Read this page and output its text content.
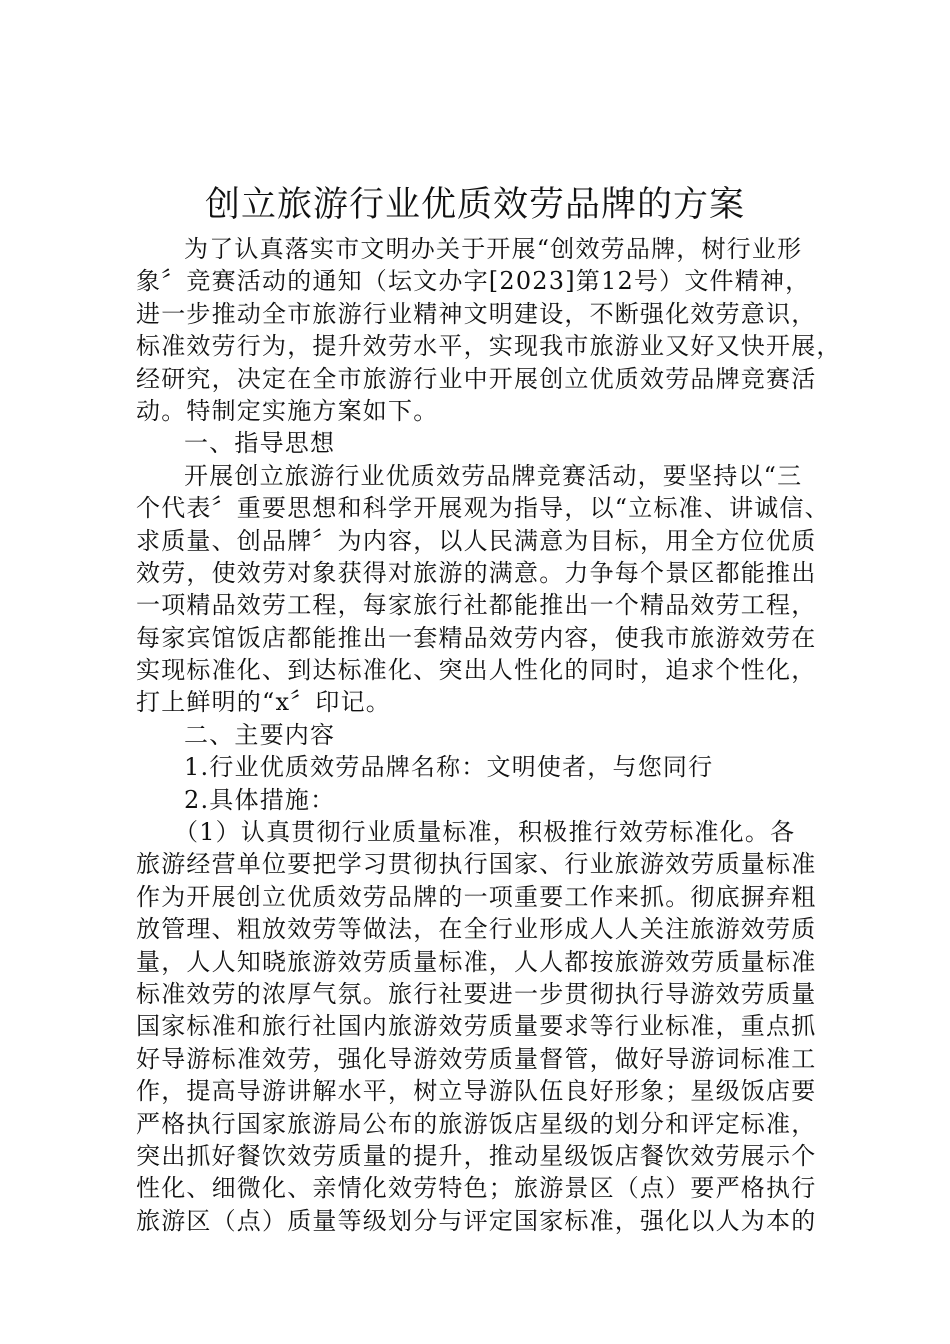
创立旅游行业优质效劳品牌的方案
为了认真落实市文明办关于开展“创效劳品牌，树行业形
象〞竞赛活动的通知（坛文办字[2023]第12号）文件精神，
进一步推动全市旅游行业精神文明建设，不断强化效劳意识，
标准效劳行为，提升效劳水平，实现我市旅游业又好又快开展，
经研究，决定在全市旅游行业中开展创立优质效劳品牌竞赛活
动。特制定实施方案如下。
一、指导思想
开展创立旅游行业优质效劳品牌竞赛活动，要坚持以“三
个代表〞重要思想和科学开展观为指导，以“立标准、讲诚信、
求质量、创品牌〞为内容，以人民满意为目标，用全方位优质
效劳，使效劳对象获得对旅游的满意。力争每个景区都能推出
一项精品效劳工程，每家旅行社都能推出一个精品效劳工程，
每家宾馆饭店都能推出一套精品效劳内容，使我市旅游效劳在
实现标准化、到达标准化、突出人性化的同时，追求个性化，
打上鲜明的“x〞印记。
二、主要内容
1.行业优质效劳品牌名称：文明使者，与您同行
2.具体措施：
（1）认真贯彻行业质量标准，积极推行效劳标准化。各
旅游经营单位要把学习贯彻执行国家、行业旅游效劳质量标准
作为开展创立优质效劳品牌的一项重要工作来抓。彻底摒弃粗
放管理、粗放效劳等做法，在全行业形成人人关注旅游效劳质
量，人人知晓旅游效劳质量标准，人人都按旅游效劳质量标准
标准效劳的浓厚气氛。旅行社要进一步贯彻执行导游效劳质量
国家标准和旅行社国内旅游效劳质量要求等行业标准，重点抓
好导游标准效劳，强化导游效劳质量督管，做好导游词标准工
作，提高导游讲解水平，树立导游队伍良好形象；星级饭店要
严格执行国家旅游局公布的旅游饭店星级的划分和评定标准，
突出抓好餐饮效劳质量的提升，推动星级饭店餐饮效劳展示个
性化、细微化、亲情化效劳特色；旅游景区（点）要严格执行
旅游区（点）质量等级划分与评定国家标准，强化以人为本的
